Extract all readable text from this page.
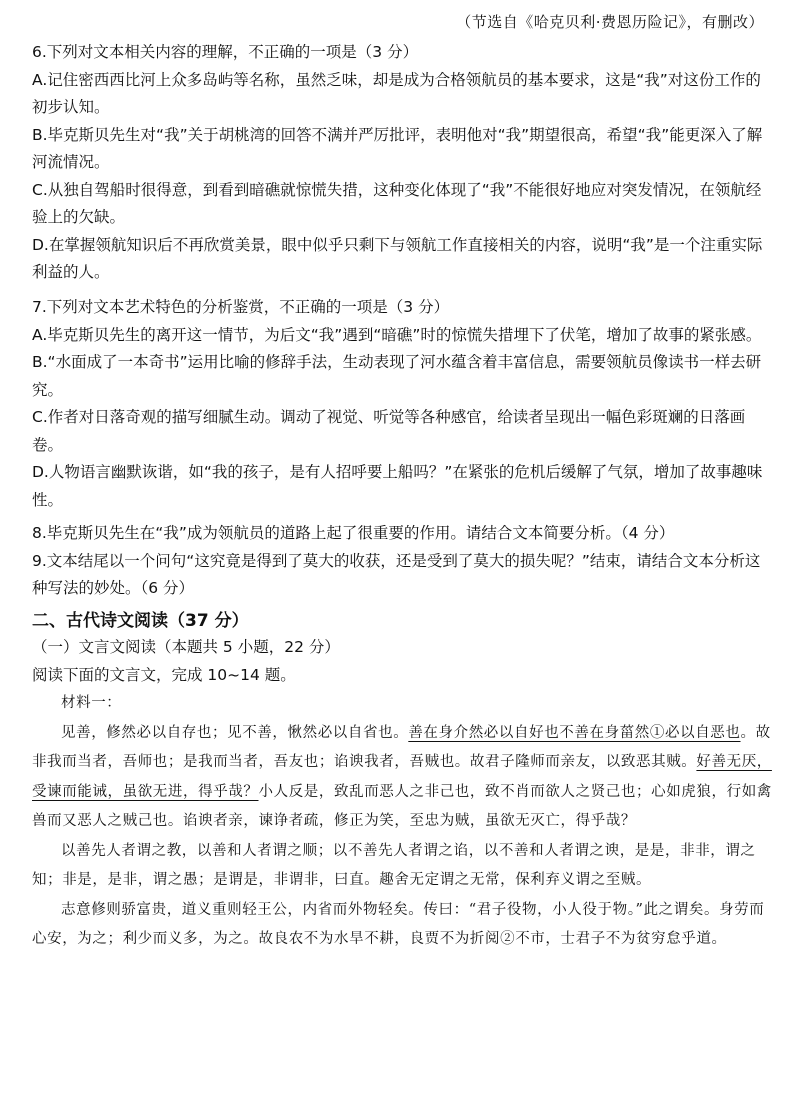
（节选自《哈克贝利·费恩历险记》，有删改）

6.下列对文本相关内容的理解，不正确的一项是（3 分）

A.记住密西西比河上众多岛屿等名称，虽然乏味，却是成为合格领航员的基本要求，这是“我”对这份工作的初步认知。

B.毕克斯贝先生对“我”关于胡桃湾的回答不满并严厉批评，表明他对“我”期望很高，希望“我”能更深入了解河流情况。

C.从独自驾船时很得意，到看到暗礁就惊慌失措，这种变化体现了“我”不能很好地应对突发情况，在领航经验上的欠缺。

D.在掌握领航知识后不再欣赏美景，眼中似乎只剩下与领航工作直接相关的内容，说明“我”是一个注重实际利益的人。

7.下列对文本艺术特色的分析鉴赏，不正确的一项是（3 分）

A.毕克斯贝先生的离开这一情节，为后文“我”遇到“暗礁”时的惊慌失措埋下了伏笔，增加了故事的紧张感。

B.“水面成了一本奇书”运用比喻的修辞手法，生动表现了河水蕴含着丰富信息，需要领航员像读书一样去研究。

C.作者对日落奇观的描写细腻生动。调动了视觉、听觉等各种感官，给读者呈现出一幅色彩斑斓的日落画卷。

D.人物语言幽默诙谐，如“我的孩子，是有人招呼要上船吗？”在紧张的危机后缓解了气氛，增加了故事趣味性。

8.毕克斯贝先生在“我”成为领航员的道路上起了很重要的作用。请结合文本简要分析。（4 分）

9.文本结尾以一个问句“这究竟是得到了莫大的收获，还是受到了莫大的损失呢？”结束，请结合文本分析这种写法的妙处。（6 分）

二、古代诗文阅读（37 分）

（一）文言文阅读（本题共 5 小题，22 分）

阅读下面的文言文，完成 10~14 题。

材料一：

见善，修然必以自存也；见不善，愀然必以自省也。善在身介然必以自好也不善在身菑然①必以自恶也。故非我而当者，吾师也；是我而当者，吾友也；谄谀我者，吾贼也。故君子隆师而亲友，以致恶其贼。好善无厌，受谏而能诫，虽欲无进，得乎哉？小人反是，致乱而恶人之非己也，致不肖而欲人之贤己也；心如虎狼，行如禽兽而又恶人之贼己也。谄谀者亲，谏诤者疏，修正为笑，至忠为贼，虽欲无灭亡，得乎哉？

以善先人者谓之教，以善和人者谓之顺；以不善先人者谓之谄，以不善和人者谓之谀，是是，非非，谓之知；非是，是非，谓之愚；是谓是，非谓非，曰直。趣舍无定谓之无常，保利弃义谓之至贼。

志意修则骄富贵，道义重则轻王公，内省而外物轻矣。传曰：“君子役物，小人役于物。”此之谓矣。身劳而心安，为之；利少而义多，为之。故良农不为水旱不耕，良贾不为折阅②不市，士君子不为贫穷怠乎道。
